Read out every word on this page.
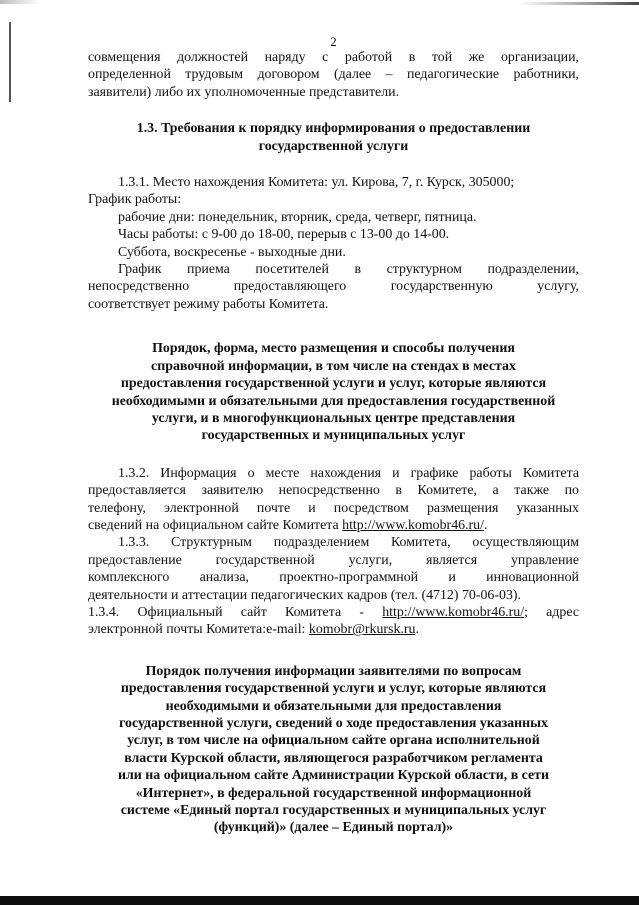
2

совмещения должностей наряду с работой в той же организации,

определенной трудовым договором (далее – педагогические работники,

заявители) либо их уполномоченные представители.

1.3. Требования к порядку информирования о предоставлении

государственной услуги

1.3.1. Место нахождения Комитета: ул. Кирова, 7, г. Курск, 305000;

График работы:

рабочие дни: понедельник, вторник, среда, четверг, пятница.

Часы работы: с 9-00 до 18-00, перерыв с 13-00 до 14-00.

Суббота, воскресенье - выходные дни.

График приема посетителей в структурном подразделении,

непосредственно предоставляющего государственную услугу,

соответствует режиму работы Комитета.

Порядок, форма, место размещения и способы получения

справочной информации, в том числе на стендах в местах

предоставления государственной услуги и услуг, которые являются

необходимыми и обязательными для предоставления государственной

услуги, и в многофункциональных центре представления

государственных и муниципальных услуг

1.3.2. Информация о месте нахождения и графике работы Комитета

предоставляется заявителю непосредственно в Комитете, а также по

телефону, электронной почте и посредством размещения указанных

сведений на официальном сайте Комитета http://www.komobr46.ru/.

1.3.3. Структурным подразделением Комитета, осуществляющим

предоставление государственной услуги, является управление

комплексного анализа, проектно-программной и инновационной

деятельности и аттестации педагогических кадров (тел. (4712) 70-06-03).

1.3.4. Официальный сайт Комитета - http://www.komobr46.ru/; адрес

электронной почты Комитета:e-mail: komobr@rkursk.ru.

Порядок получения информации заявителями по вопросам

предоставления государственной услуги и услуг, которые являются

необходимыми и обязательными для предоставления

государственной услуги, сведений о ходе предоставления указанных

услуг, в том числе на официальном сайте органа исполнительной

власти Курской области, являющегося разработчиком регламента

или на официальном сайте Администрации Курской области, в сети

«Интернет», в федеральной государственной информационной

системе «Единый портал государственных и муниципальных услуг

(функций)» (далее – Единый портал)»
